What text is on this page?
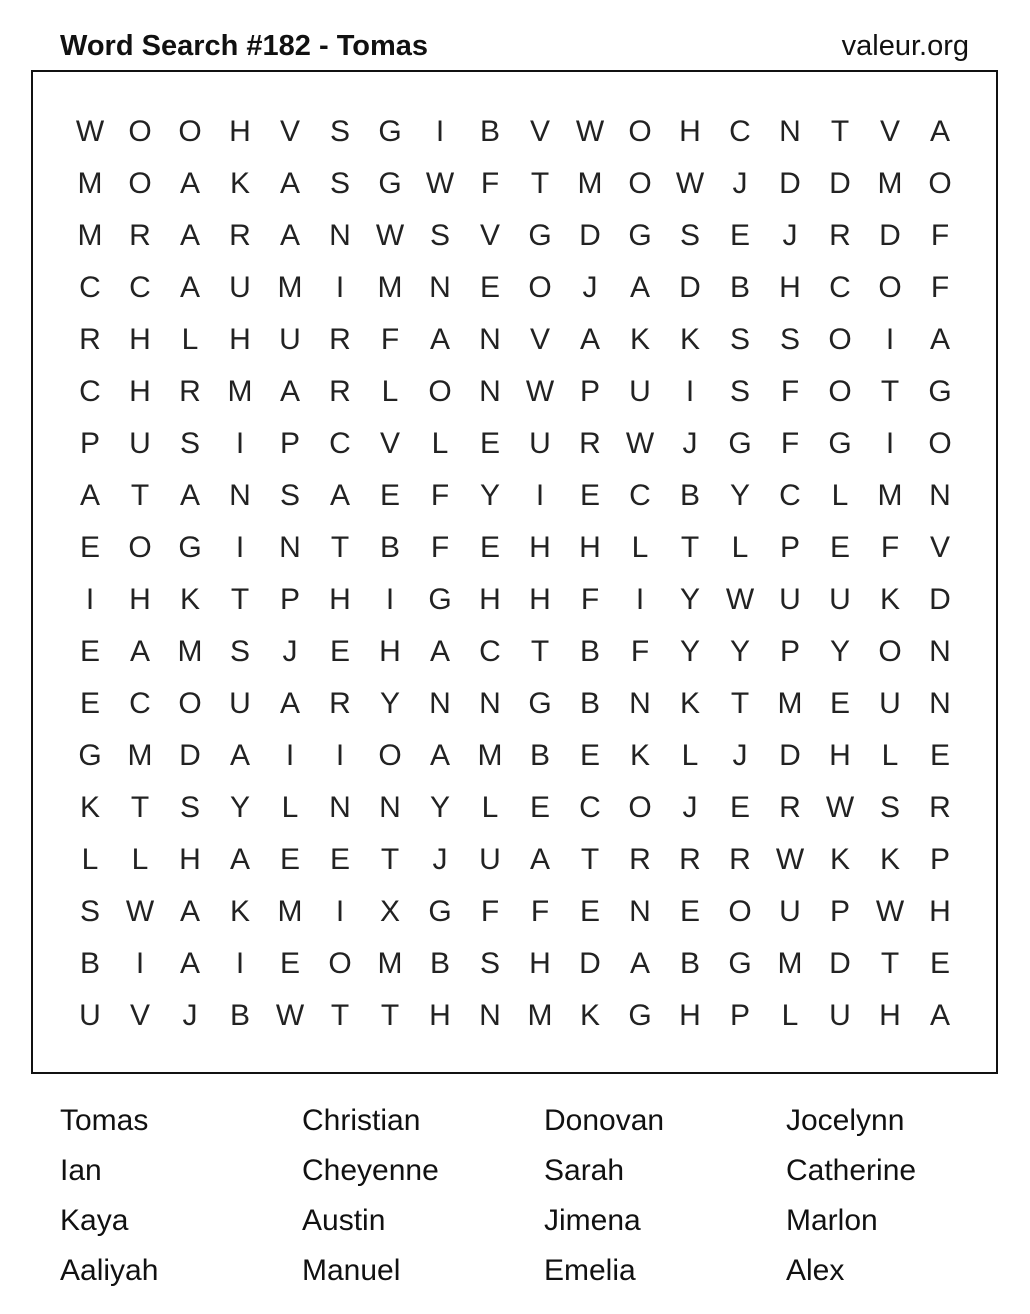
Word Search #182 - Tomas	valeur.org
W O O H V S G	I	B V W O H C N	T	V A
M O A K A S G W F	T M O W J	D D M O
M R A R A N W S V G D G S E	J	R D	F
C C A U M	I	M N E O	J	A D B H C O F
R H	L	H U R	F	A N V A K K S S O	I	A
C H R M A R	L O N W P U	I	S	F O T G
P U S	I	P C V	L	E U R W J	G F G	I	O
A	T	A N S A E	F	Y	I	E C B Y C	L M N
E O G	I	N	T	B	F	E H H	L	T	L	P E	F	V
I	H K	T	P H	I	G H H	F	I	Y W U U K D
E A M S	J	E H A C	T	B	F	Y Y P Y O N
E C O U A R Y N N G B N K	T M E U N
G M D A	I	I	O A M B E K	L	J	D H	L	E
K	T	S Y	L	N N Y	L	E C O	J	E R W S R
L	L	H A E E	T	J	U A	T	R R R W K K P
S W A K M	I	X G F	F	E N E O U P W H
B	I	A	I	E O M B S H D A B G M D	T	E
U V	J	B W T	T	H N M K G H P	L	U H A
Tomas	Christian	Donovan	Jocelynn
Ian	Cheyenne	Sarah	Catherine
Kaya	Austin	Jimena	Marlon
Aaliyah	Manuel	Emelia	Alex
